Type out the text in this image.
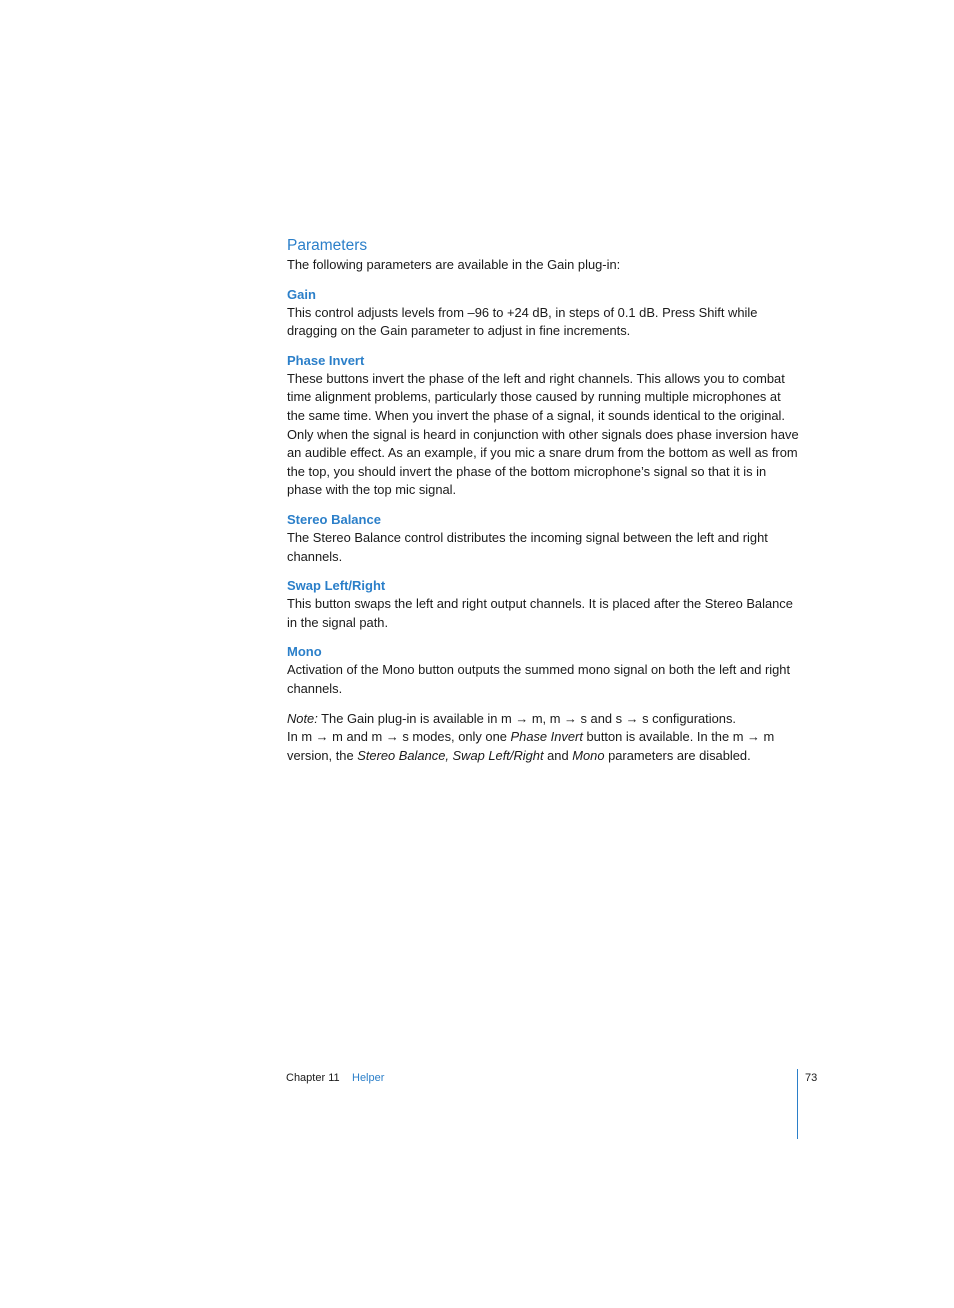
Parameters

The following parameters are available in the Gain plug-in:

Gain

This control adjusts levels from –96 to +24 dB, in steps of 0.1 dB. Press Shift while dragging on the Gain parameter to adjust in fine increments.

Phase Invert

These buttons invert the phase of the left and right channels. This allows you to combat time alignment problems, particularly those caused by running multiple microphones at the same time. When you invert the phase of a signal, it sounds identical to the original. Only when the signal is heard in conjunction with other signals does phase inversion have an audible effect. As an example, if you mic a snare drum from the bottom as well as from the top, you should invert the phase of the bottom microphone’s signal so that it is in phase with the top mic signal.

Stereo Balance

The Stereo Balance control distributes the incoming signal between the left and right channels.

Swap Left/Right

This button swaps the left and right output channels. It is placed after the Stereo Balance in the signal path.

Mono

Activation of the Mono button outputs the summed mono signal on both the left and right channels.

Note: The Gain plug-in is available in m → m, m → s and s → s configurations.
In m → m and m → s modes, only one Phase Invert button is available. In the m → m version, the Stereo Balance, Swap Left/Right and Mono parameters are disabled.

Chapter 11 Helper	73
